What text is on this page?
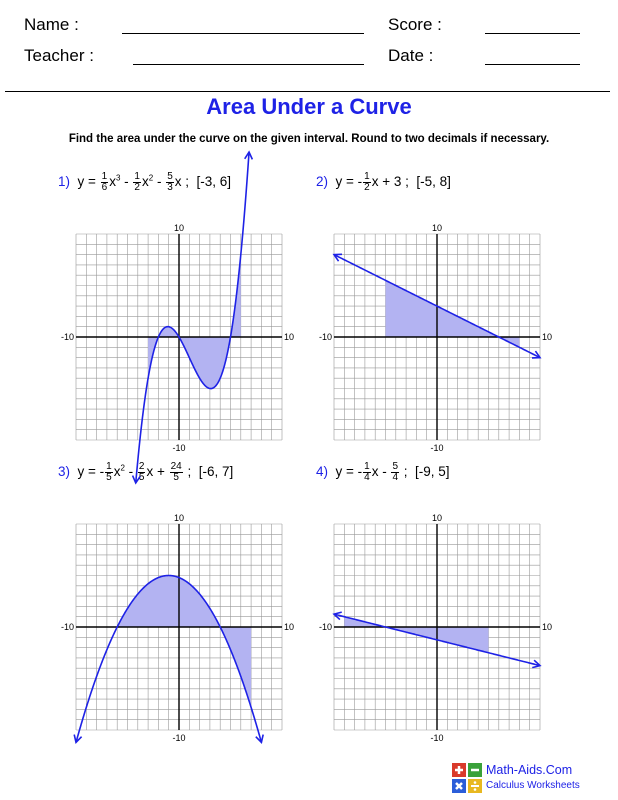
Name :
Teacher :
Score :
Date :
Area Under a Curve
Find the area under the curve on the given interval. Round to two decimals if necessary.
1)  $y = \frac{1}{6} x^3 - \frac{1}{2} x^2 - \frac{5}{3}$ x ;  [-3, 6]	2)  y = - $\frac{1}{2}$ x + 3 ;  [-5, 8]
3)  y = - $\frac{1}{5} x^2 - \frac{2}{5}$ $x + \frac{24}{5}$ ;  [-6, 7]	4)  y = - $\frac{1}{4}$ x - $\frac{5}{4}$ ;  [-9, 5]
10
-10
-10	10
10
-10
-10	10
10
-10
-10	10
10
-10
-10	10
Math-Aids.Com
Calculus Worksheets
